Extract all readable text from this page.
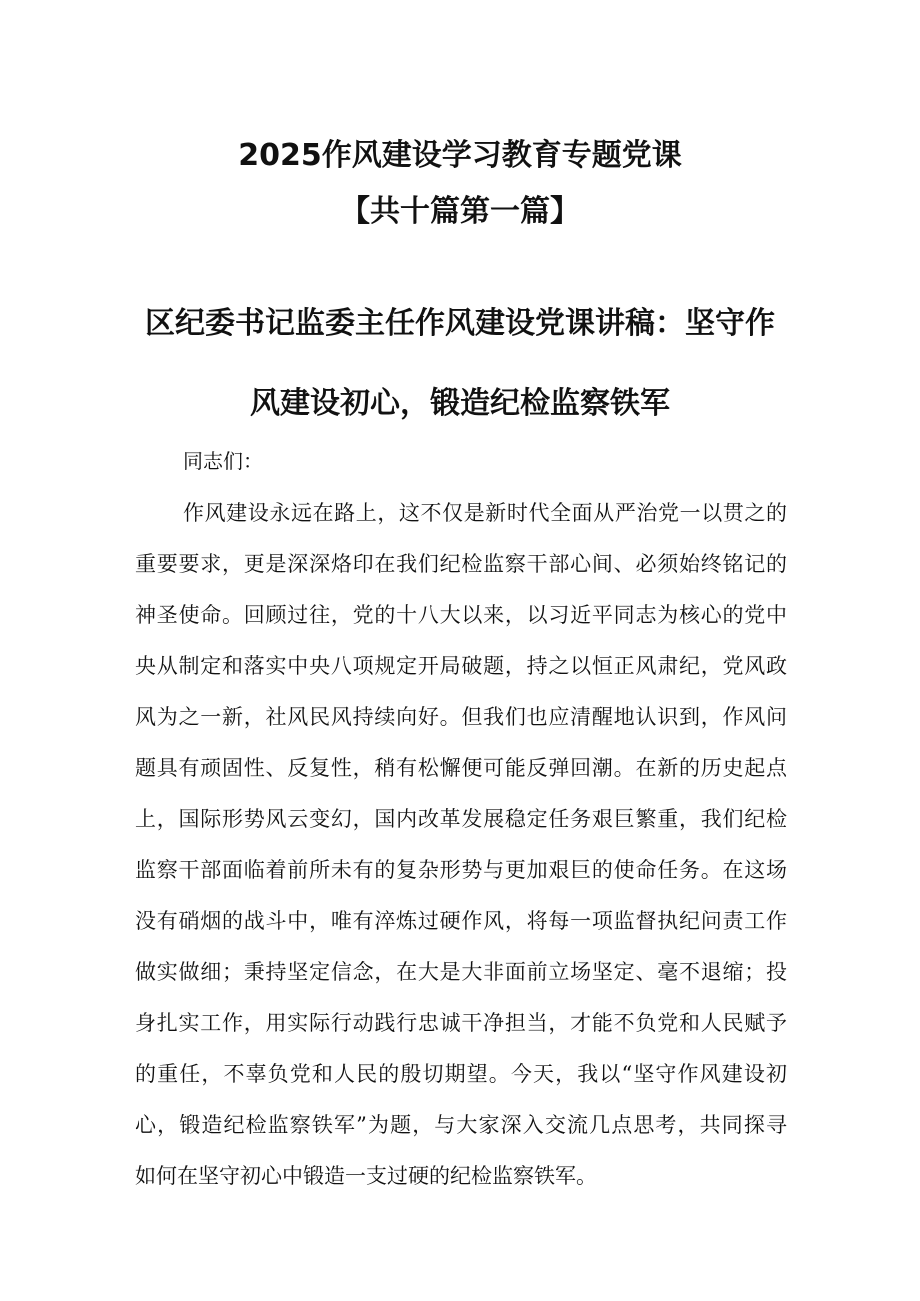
2025作风建设学习教育专题党课
【共十篇第一篇】
区纪委书记监委主任作风建设党课讲稿：坚守作
风建设初心，锻造纪检监察铁军
同志们：
作风建设永远在路上，这不仅是新时代全面从严治党一以贯之的
重要要求，更是深深烙印在我们纪检监察干部心间、必须始终铭记的
神圣使命。回顾过往，党的十八大以来，以习近平同志为核心的党中
央从制定和落实中央八项规定开局破题，持之以恒正风肃纪，党风政
风为之一新，社风民风持续向好。但我们也应清醒地认识到，作风问
题具有顽固性、反复性，稍有松懈便可能反弹回潮。在新的历史起点
上，国际形势风云变幻，国内改革发展稳定任务艰巨繁重，我们纪检
监察干部面临着前所未有的复杂形势与更加艰巨的使命任务。在这场
没有硝烟的战斗中，唯有淬炼过硬作风，将每一项监督执纪问责工作
做实做细；秉持坚定信念，在大是大非面前立场坚定、毫不退缩；投
身扎实工作，用实际行动践行忠诚干净担当，才能不负党和人民赋予
的重任，不辜负党和人民的殷切期望。今天，我以“坚守作风建设初
心，锻造纪检监察铁军”为题，与大家深入交流几点思考，共同探寻
如何在坚守初心中锻造一支过硬的纪检监察铁军。
